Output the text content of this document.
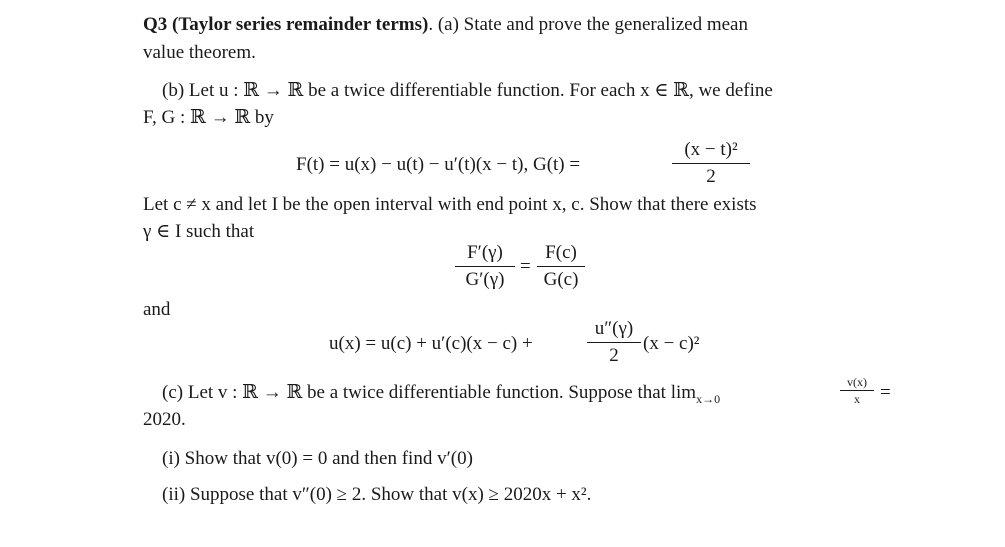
Q3 (Taylor series remainder terms). (a) State and prove the generalized mean
value theorem.
(b) Let u : ℝ → ℝ be a twice differentiable function. For each x ∈ ℝ, we define
F, G : ℝ → ℝ by
F(t) = u(x) − u(t) − u′(t)(x − t), G(t) =
(x − t)²
2
Let c ≠ x and let I be the open interval with end point x, c. Show that there exists
γ ∈ I such that
F′(γ)
G′(γ)
=
F(c)
G(c)
and
u(x) = u(c) + u′(c)(x − c) +
u″(γ)
2
(x − c)²
(c) Let v : ℝ → ℝ be a twice differentiable function. Suppose that $\lim_{x\to 0}$
v(x)
x	=
2020.
(i) Show that v(0) = 0 and then find v′(0)
(ii) Suppose that v″(0) ≥ 2. Show that v(x) ≥ 2020x + x².
